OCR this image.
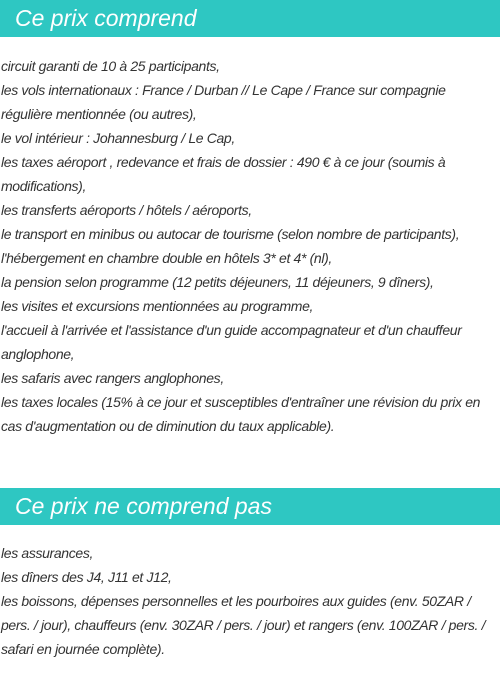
Ce prix comprend
circuit garanti de 10 à 25 participants,
les vols internationaux : France / Durban // Le Cape / France sur compagnie régulière mentionnée (ou autres),
le vol intérieur : Johannesburg / Le Cap,
les taxes aéroport , redevance et frais de dossier : 490 € à ce jour (soumis à modifications),
les transferts aéroports / hôtels / aéroports,
le transport en minibus ou autocar de tourisme (selon nombre de participants),
l'hébergement en chambre double en hôtels 3* et 4* (nl),
la pension selon programme (12 petits déjeuners, 11 déjeuners, 9 dîners),
les visites et excursions mentionnées au programme,
l'accueil à l'arrivée et l'assistance d'un guide accompagnateur et d'un chauffeur anglophone,
les safaris avec rangers anglophones,
les taxes locales (15% à ce jour et susceptibles d'entraîner une révision du prix en cas d'augmentation ou de diminution du taux applicable).
Ce prix ne comprend pas
les assurances,
les dîners des J4, J11 et J12,
les boissons, dépenses personnelles et les pourboires aux guides (env. 50ZAR / pers. / jour), chauffeurs (env. 30ZAR / pers. / jour) et rangers (env. 100ZAR / pers. / safari en journée complète).
